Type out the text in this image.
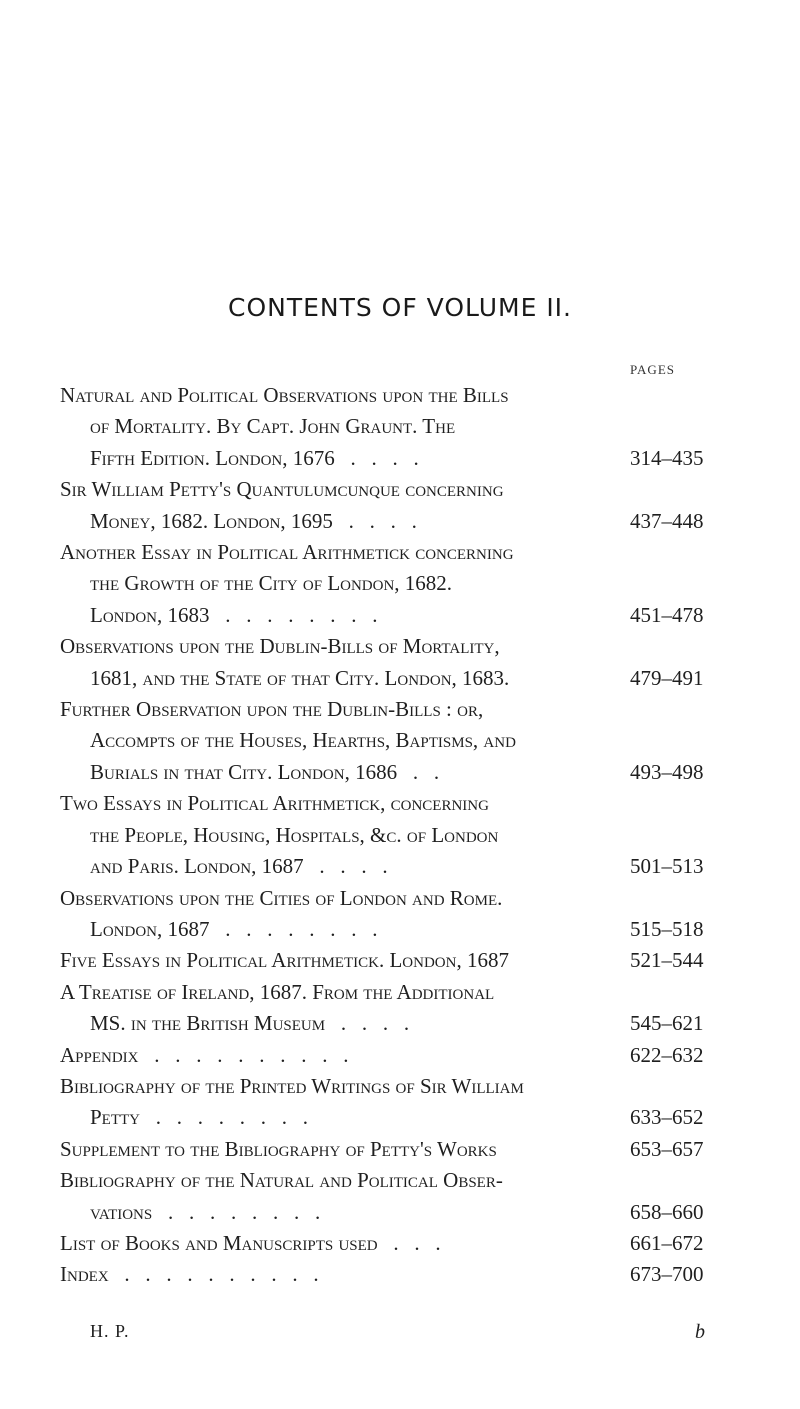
CONTENTS OF VOLUME II.
PAGES
Natural and Political Observations upon the Bills
of Mortality. By Capt. John Graunt. The
Fifth Edition. London, 1676 .   .   .   .	314–435
Sir William Petty's Quantulumcunque concerning
Money, 1682. London, 1695 .   .   .   .	437–448
Another Essay in Political Arithmetick concerning
the Growth of the City of London, 1682.
London, 1683 .   .   .   .   .   .   .   .	451–478
Observations upon the Dublin-Bills of Mortality,
1681, and the State of that City. London, 1683.	479–491
Further Observation upon the Dublin-Bills : or,
Accompts of the Houses, Hearths, Baptisms, and
Burials in that City. London, 1686 .   .	493–498
Two Essays in Political Arithmetick, concerning
the People, Housing, Hospitals, &c. of London
and Paris. London, 1687 .   .   .   .	501–513
Observations upon the Cities of London and Rome.
London, 1687 .   .   .   .   .   .   .   .	515–518
Five Essays in Political Arithmetick. London, 1687	521–544
A Treatise of Ireland, 1687. From the Additional
MS. in the British Museum .   .   .   .	545–621
Appendix .   .   .   .   .   .   .   .   .   .	622–632
Bibliography of the Printed Writings of Sir William
Petty .   .   .   .   .   .   .   .	633–652
Supplement to the Bibliography of Petty's Works	653–657
Bibliography of the Natural and Political Obser-
vations .   .   .   .   .   .   .   .	658–660
List of Books and Manuscripts used .   .   .	661–672
Index .   .   .   .   .   .   .   .   .   .	673–700
H. P.	b
